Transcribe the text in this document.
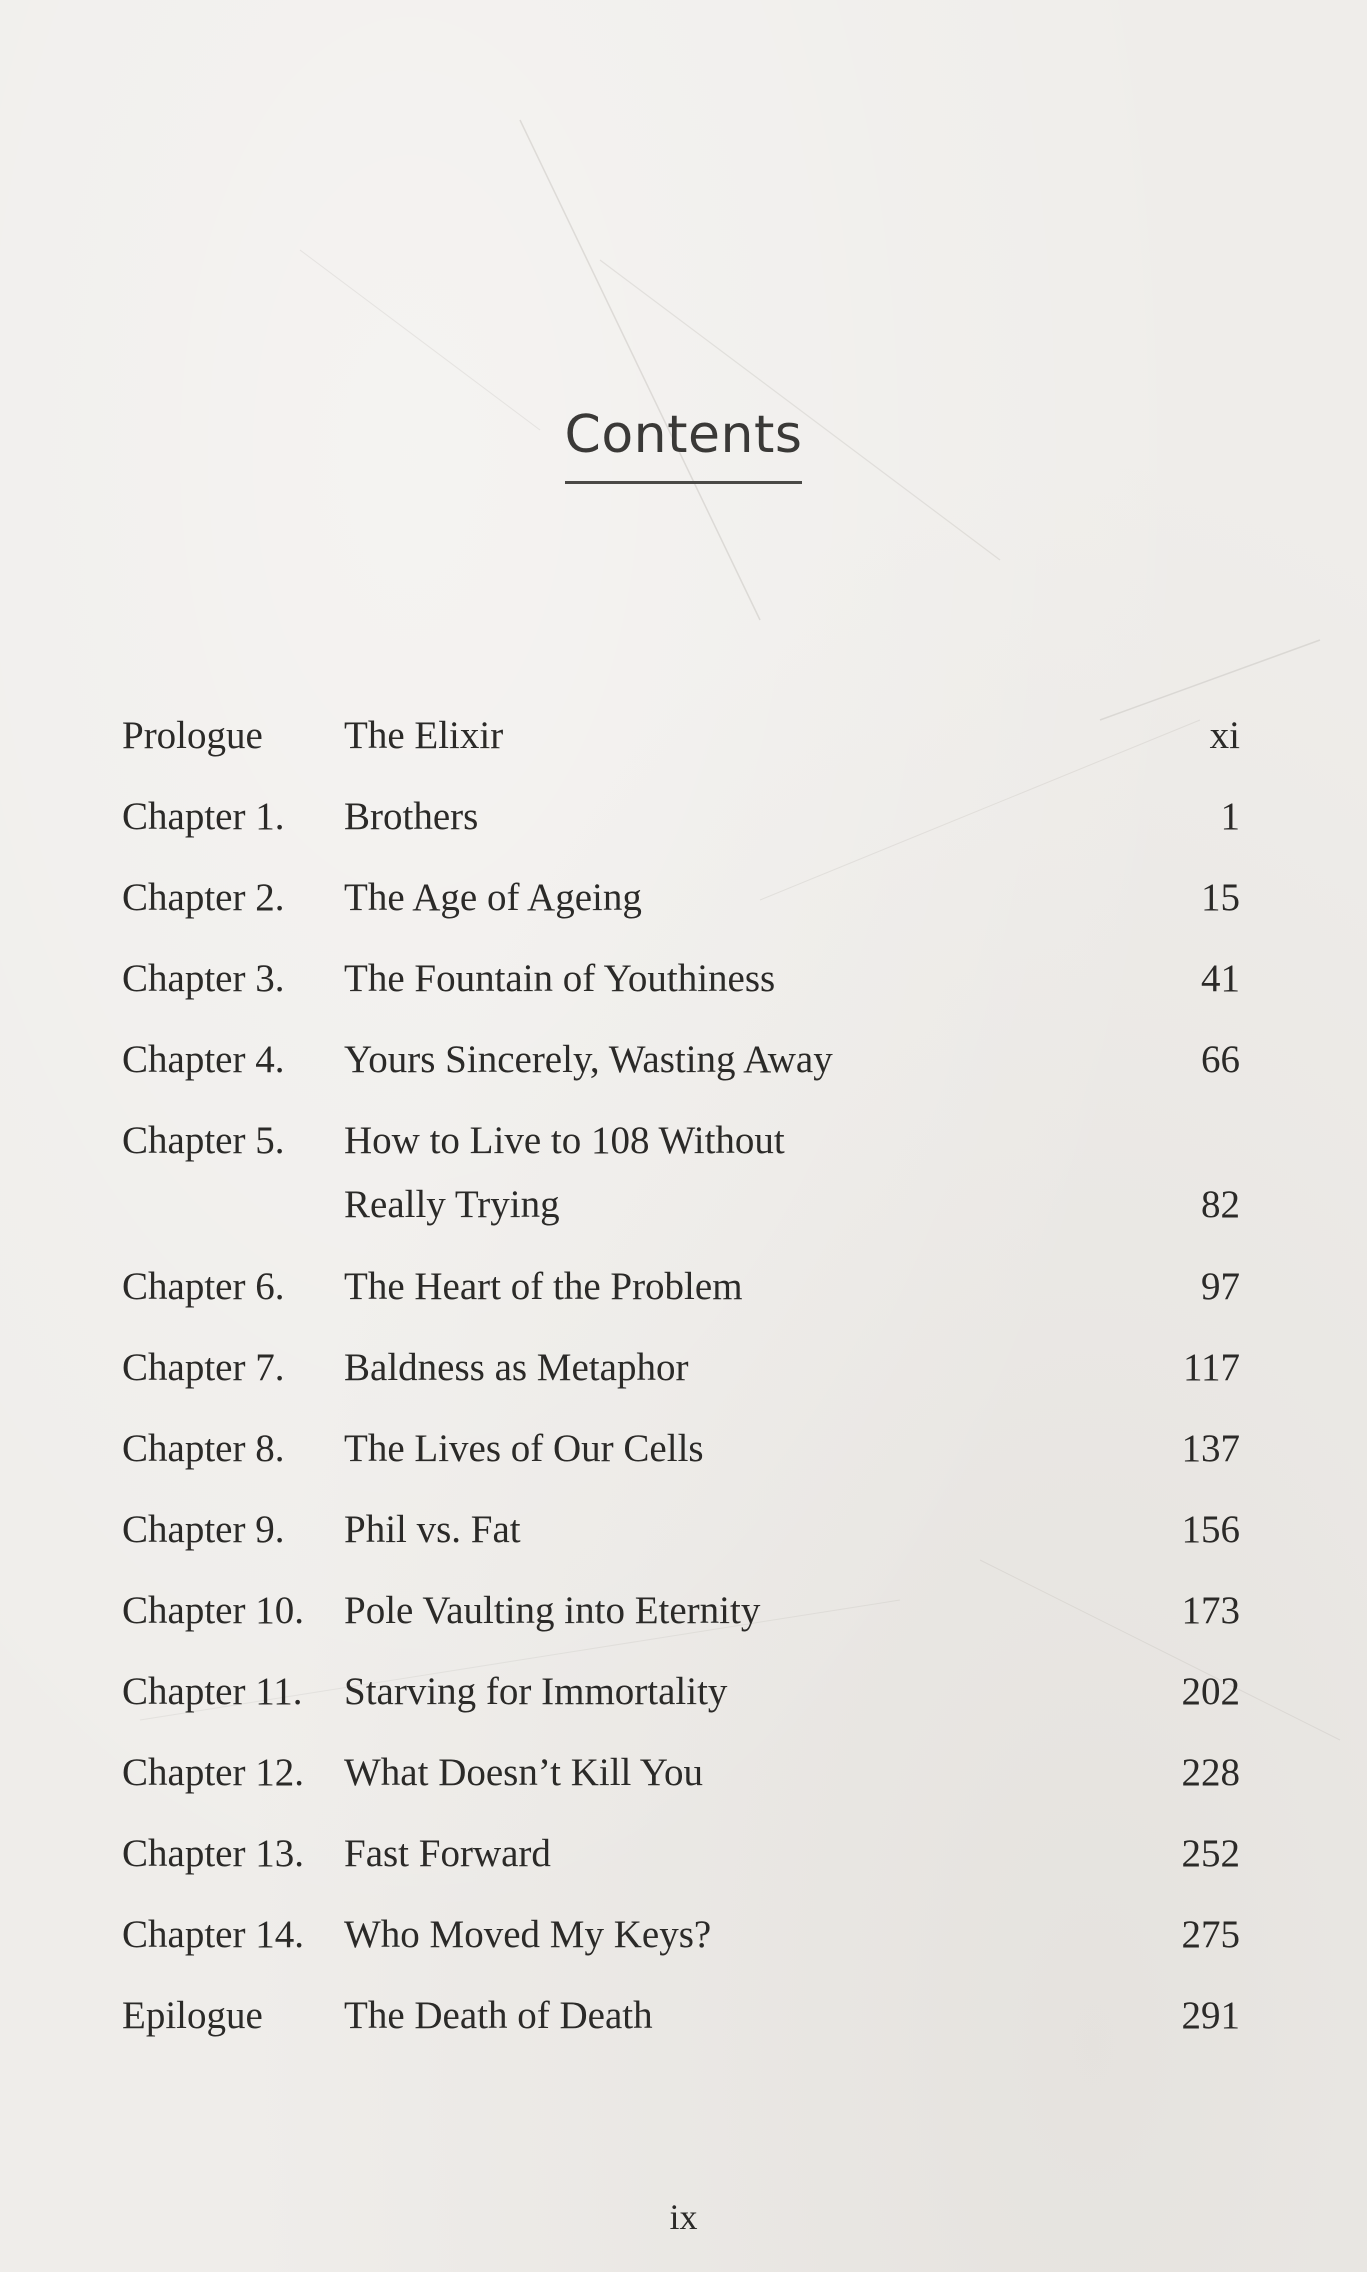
Contents
Prologue	The Elixir	xi
Chapter 1.	Brothers	1
Chapter 2.	The Age of Ageing	15
Chapter 3.	The Fountain of Youthiness	41
Chapter 4.	Yours Sincerely, Wasting Away	66
Chapter 5.	How to Live to 108 Without
Really Trying	82
Chapter 6.	The Heart of the Problem	97
Chapter 7.	Baldness as Metaphor	117
Chapter 8.	The Lives of Our Cells	137
Chapter 9.	Phil vs. Fat	156
Chapter 10.	Pole Vaulting into Eternity	173
Chapter 11.	Starving for Immortality	202
Chapter 12.	What Doesn’t Kill You	228
Chapter 13.	Fast Forward	252
Chapter 14.	Who Moved My Keys?	275
Epilogue	The Death of Death	291
ix
